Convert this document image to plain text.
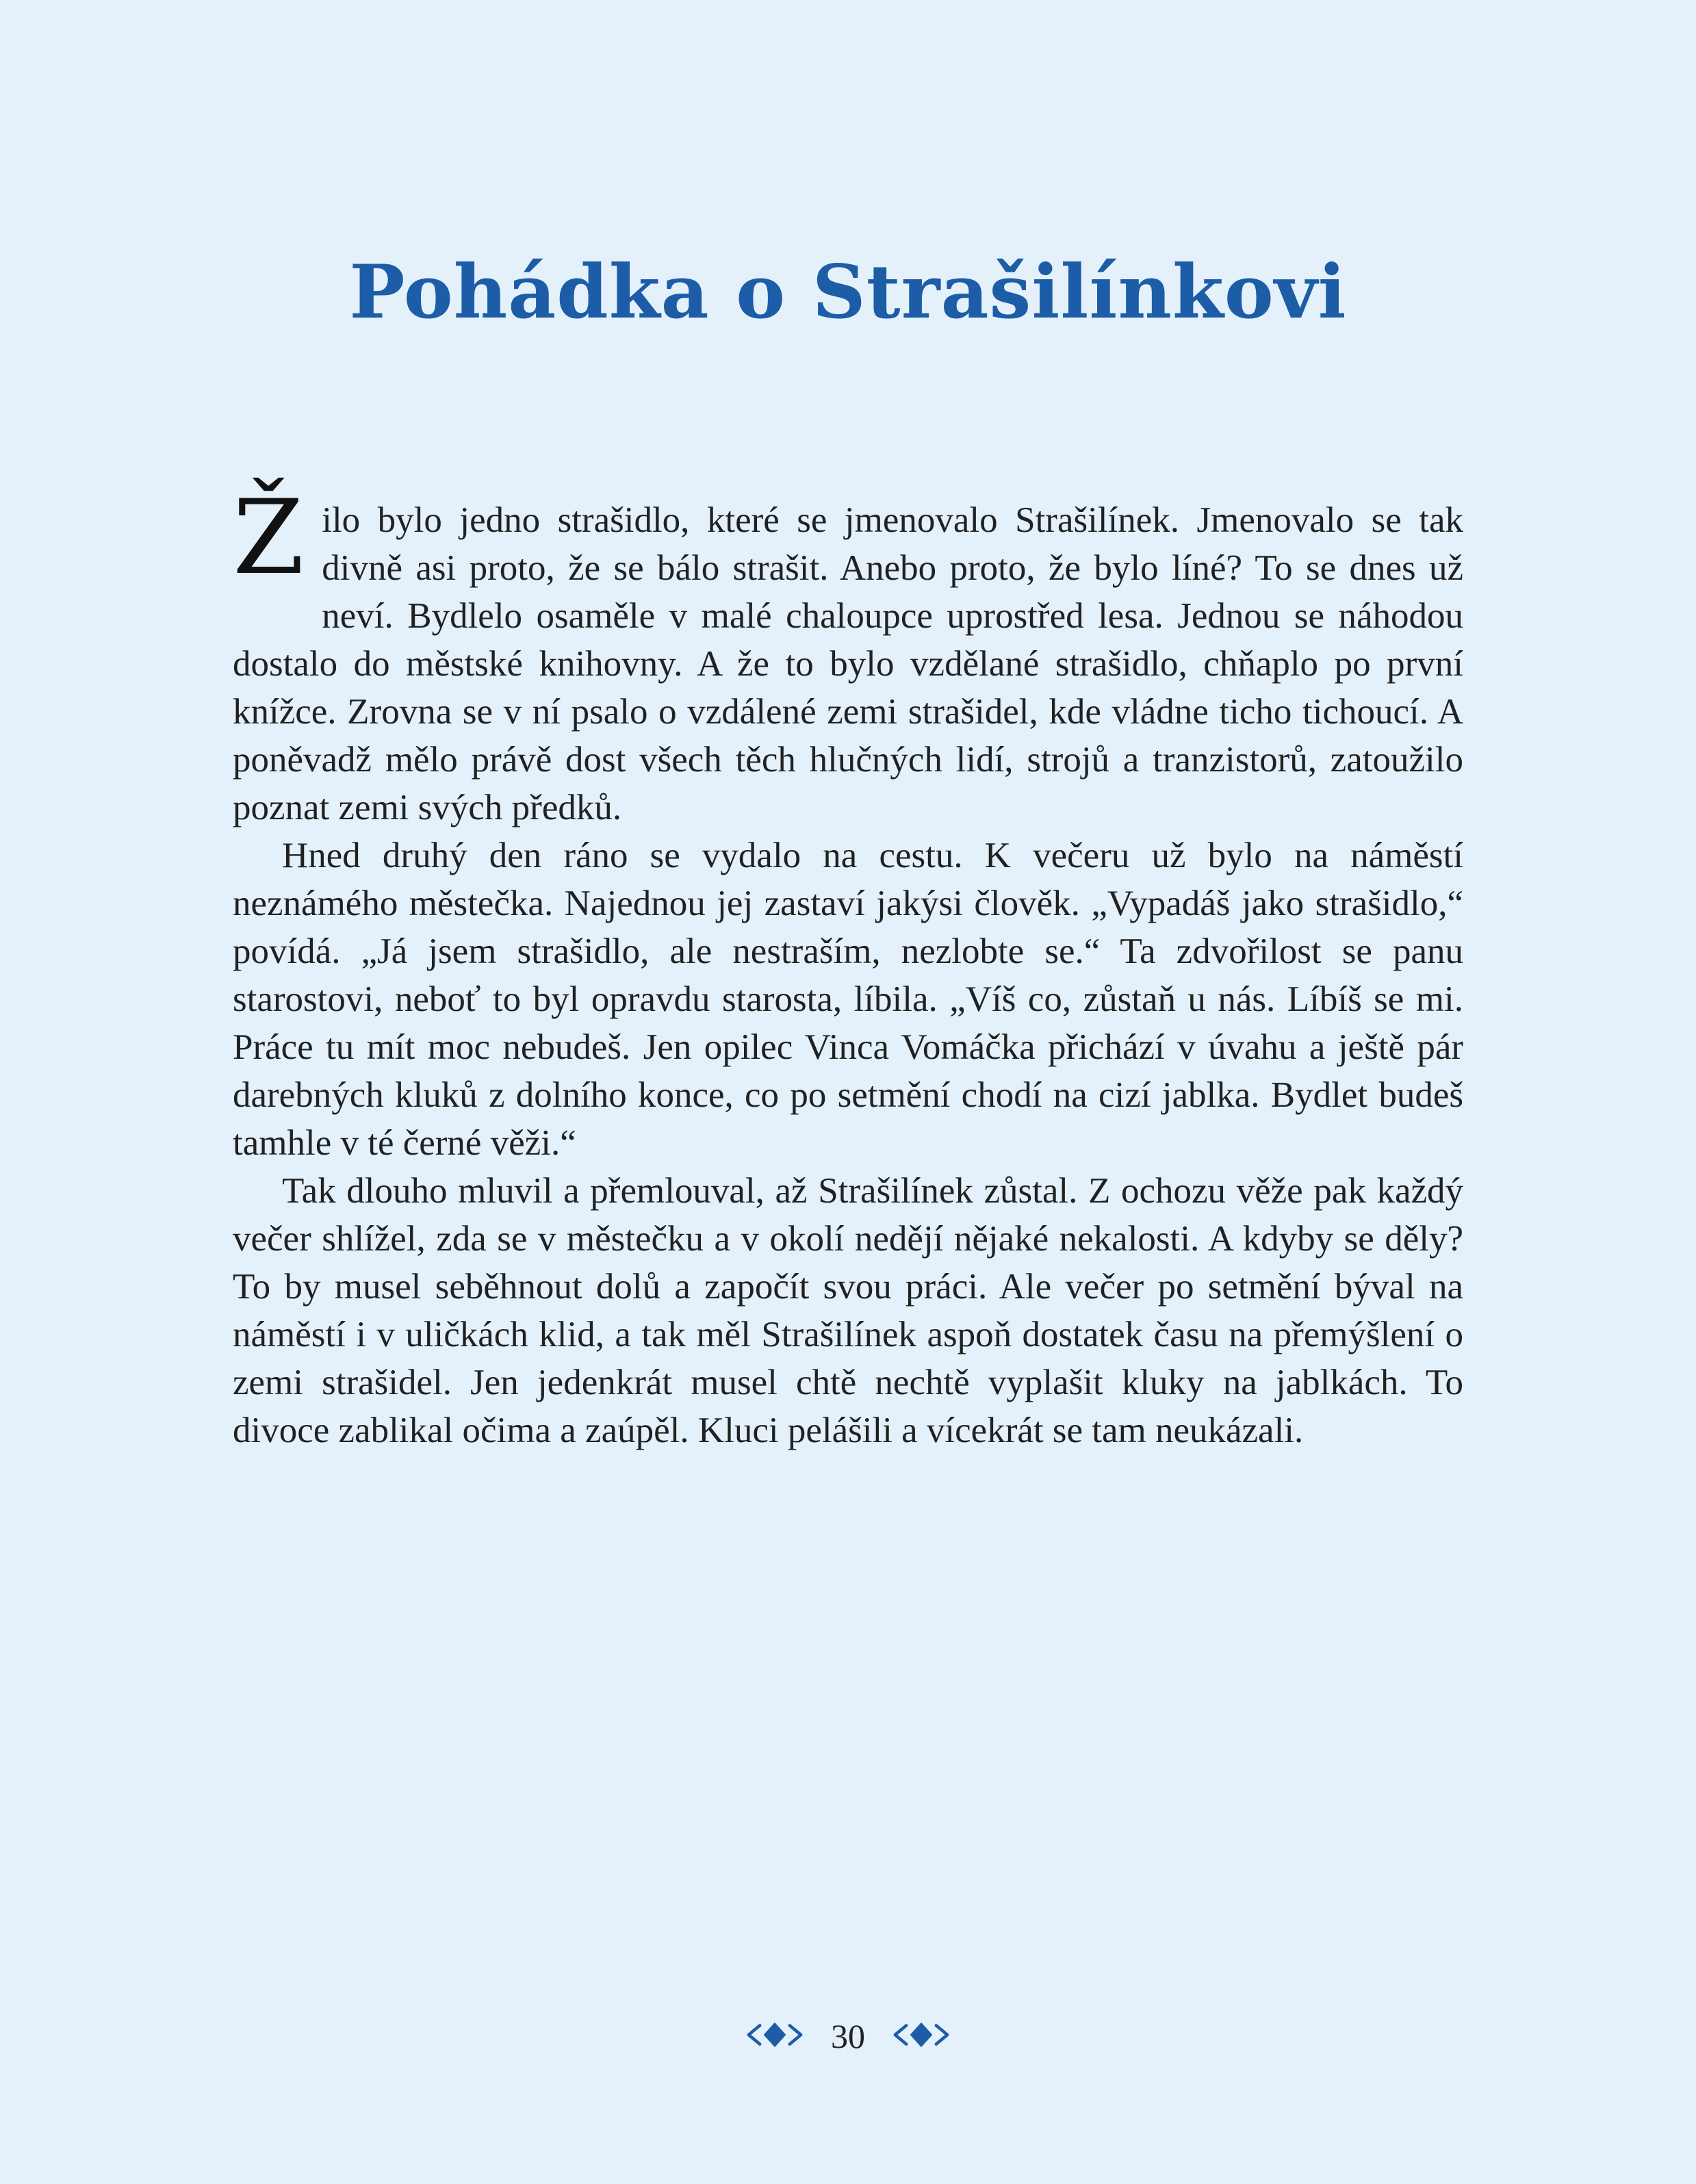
Pohádka o Strašilínkovi

Žilo bylo jedno strašidlo, které se jmenovalo Strašilínek. Jmenovalo se tak divně asi proto, že se bálo strašit. Anebo proto, že bylo líné? To se dnes už neví. Bydlelo osaměle v malé chaloupce uprostřed lesa. Jednou se náhodou dostalo do městské knihovny. A že to bylo vzdělané strašidlo, chňaplo po první knížce. Zrovna se v ní psalo o vzdálené zemi strašidel, kde vládne ticho tichoucí. A poněvadž mělo právě dost všech těch hlučných lidí, strojů a tranzistorů, zatoužilo poznat zemi svých předků.

Hned druhý den ráno se vydalo na cestu. K večeru už bylo na náměstí neznámého městečka. Najednou jej zastaví jakýsi člověk. „Vypadáš jako strašidlo,“ povídá. „Já jsem strašidlo, ale nestraším, nezlobte se.“ Ta zdvořilost se panu starostovi, neboť to byl opravdu starosta, líbila. „Víš co, zůstaň u nás. Líbíš se mi. Práce tu mít moc nebudeš. Jen opilec Vinca Vomáčka přichází v úvahu a ještě pár darebných kluků z dolního konce, co po setmění chodí na cizí jablka. Bydlet budeš tamhle v té černé věži.“

Tak dlouho mluvil a přemlouval, až Strašilínek zůstal. Z ochozu věže pak každý večer shlížel, zda se v městečku a v okolí nedějí nějaké nekalosti. A kdyby se děly? To by musel seběhnout dolů a započít svou práci. Ale večer po setmění býval na náměstí i v uličkách klid, a tak měl Strašilínek aspoň dostatek času na přemýšlení o zemi strašidel. Jen jedenkrát musel chtě nechtě vyplašit kluky na jablkách. To divoce zablikal očima a zaúpěl. Kluci pelášili a vícekrát se tam neukázali.

30
